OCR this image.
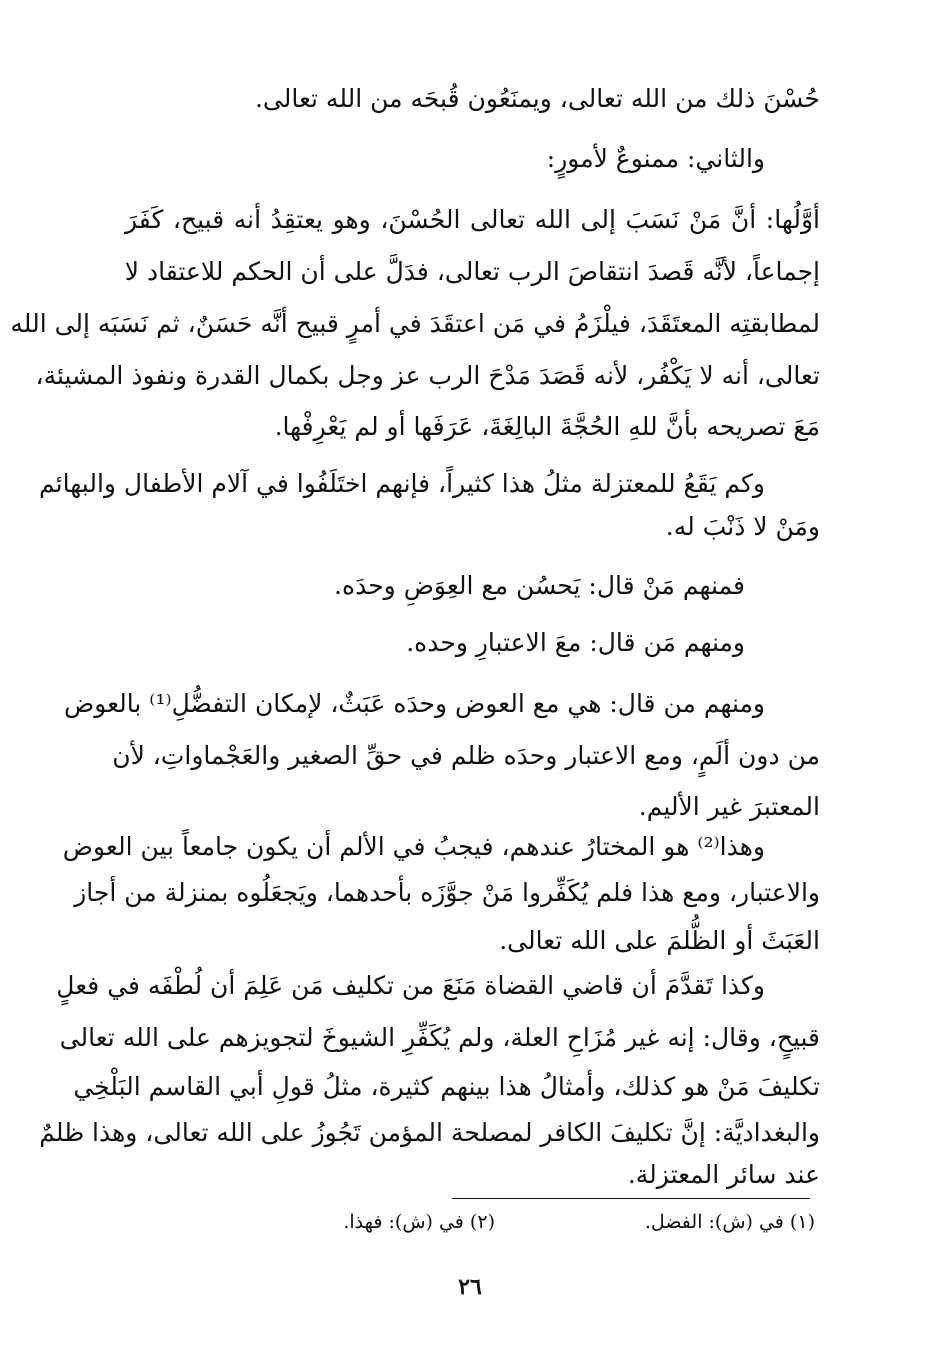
حُسْنَ ذلك من الله تعالى، ويمنَعُون قُبحَه من الله تعالى.
والثاني: ممنوعٌ لأمورٍ:
أوَّلُها: أنَّ مَنْ نَسَبَ إلى الله تعالى الحُسْنَ، وهو يعتقِدُ أنه قبيح، كَفَرَ
إجماعاً، لأنَّه قَصدَ انتقاصَ الرب تعالى، فدَلَّ على أن الحكم للاعتقاد لا
لمطابقتِه المعتَقَدَ، فيلْزَمُ في مَن اعتقَدَ في أمرٍ قبيح أنَّه حَسَنٌ، ثم نَسَبَه إلى الله
تعالى، أنه لا يَكْفُر، لأنه قَصَدَ مَدْحَ الرب عز وجل بكمال القدرة ونفوذ المشيئة،
مَعَ تصريحه بأنَّ للهِ الحُجَّةَ البالِغَةَ، عَرَفَها أو لم يَعْرِفْها.
وكم يَقَعُ للمعتزلة مثلُ هذا كثيراً، فإنهم اختَلَفُوا في آلام الأطفال والبهائم
ومَنْ لا ذَنْبَ له.
فمنهم مَنْ قال: يَحسُن مع العِوَضِ وحدَه.
ومنهم مَن قال: معَ الاعتبارِ وحده.
ومنهم من قال: هي مع العوض وحدَه عَبَثٌ، لإمكان التفضُّلِ⁽¹⁾ بالعوض
من دون ألَمٍ، ومع الاعتبار وحدَه ظلم في حقِّ الصغير والعَجْماواتِ، لأن
المعتبرَ غير الأليم.
وهذا⁽²⁾ هو المختارُ عندهم، فيجبُ في الألم أن يكون جامعاً بين العوض
والاعتبار، ومع هذا فلم يُكَفِّروا مَنْ جوَّزَه بأحدهما، ويَجعَلُوه بمنزلة من أجاز
العَبَثَ أو الظُّلمَ على الله تعالى.
وكذا تَقدَّمَ أن قاضي القضاة مَنَعَ من تكليف مَن عَلِمَ أن لُطْفَه في فعلٍ
قبيحٍ، وقال: إنه غير مُزَاحِ العلة، ولم يُكَفِّرِ الشيوخَ لتجويزهم على الله تعالى
تكليفَ مَنْ هو كذلك، وأمثالُ هذا بينهم كثيرة، مثلُ قولِ أبي القاسم البَلْخِي
والبغداديَّة: إنَّ تكليفَ الكافر لمصلحة المؤمن تَجُوزُ على الله تعالى، وهذا ظلمٌ
عند سائر المعتزلة.
(١) في (ش): الفضل.
(٢) في (ش): فهذا.
٢٦
